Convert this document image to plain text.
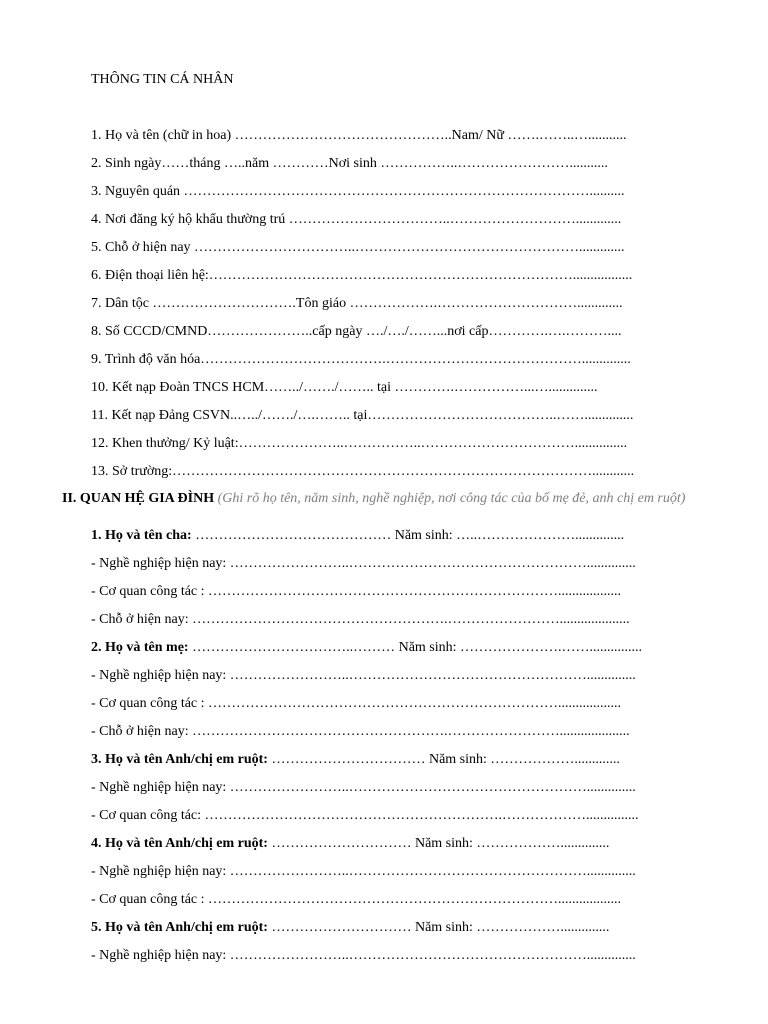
THÔNG TIN CÁ NHÂN
1. Họ và tên (chữ in hoa) ………………………………………..Nam/ Nữ …….……..…...........
2. Sinh ngày……tháng …..năm …………Nơi sinh ……………..……………………...........
3. Nguyên quán ……………………………………………………………………………..........
4. Nơi đăng ký hộ khẩu thường trú ……………………………..……………………….............
5. Chỗ ở hiện nay ……………………………..………………………………………….............
6. Điện thoại liên hệ:…………………………………………………………………….................
7. Dân tộc ………………………….Tôn giáo ……………….………………………….............
8. Số CCCD/CMND…………………..cấp ngày …./…./……...nơi cấp………….….………....
9. Trình độ văn hóa………………………………….……………………………………..............
10. Kết nạp Đoàn TNCS HCM……../……./…….. tại ………….……………...…..............
11. Kết nạp Đảng CSVN..…../……./….…….. tại…………………………………..……..............
12. Khen thưởng/ Kỷ luật:…………………..……………..……………………………...............
13. Sở trường:………………………………………………………………………………............
II. QUAN HỆ GIA ĐÌNH (Ghi rõ họ tên, năm sinh, nghề nghiệp, nơi công tác của bố mẹ đẻ, anh chị em ruột)
1. Họ và tên cha: …………………………………… Năm sinh: …..…………………..............
- Nghề nghiệp hiện nay: ……………………..……………………………………………..............
- Cơ quan công tác : …………………………………………………………………..................
- Chỗ ở hiện nay: ……………………………………………….……………………....................
2. Họ và tên mẹ: ……………………………..……… Năm sinh: ………………….……...............
- Nghề nghiệp hiện nay: ……………………..……………………………………………..............
- Cơ quan công tác : …………………………………………………………………..................
- Chỗ ở hiện nay: ……………………………………………….……………………....................
3. Họ và tên Anh/chị em ruột: …………………………… Năm sinh: ……………….............
- Nghề nghiệp hiện nay: ……………………..……………………………………………..............
- Cơ quan công tác: ……………………………………………………….………………...............
4. Họ và tên Anh/chị em ruột: ………………………… Năm sinh: ………………..............
- Nghề nghiệp hiện nay: ……………………..……………………………………………..............
- Cơ quan công tác : …………………………………………………………………..................
5. Họ và tên Anh/chị em ruột: ………………………… Năm sinh: ………………..............
- Nghề nghiệp hiện nay: ……………………..……………………………………………..............
